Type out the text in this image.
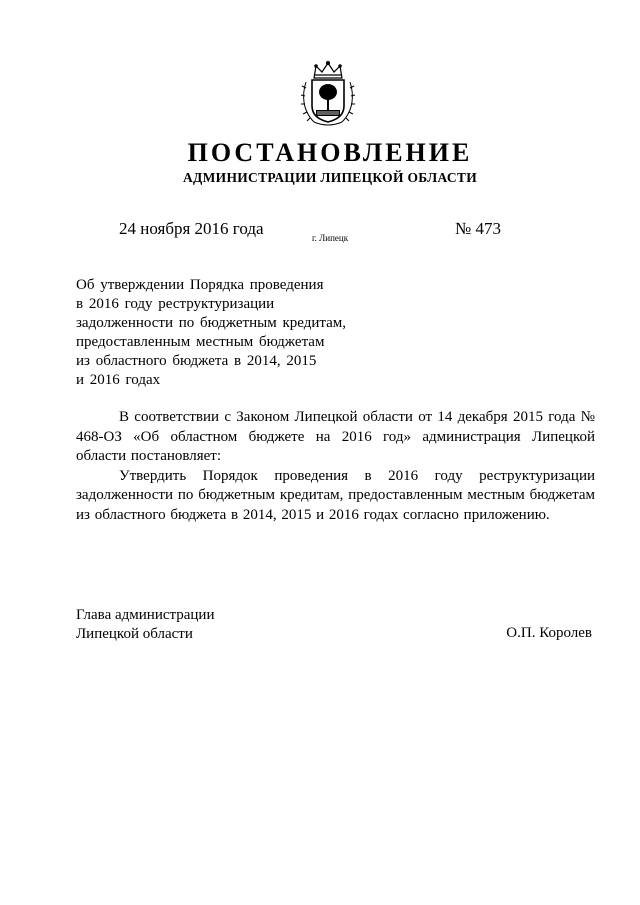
ПОСТАНОВЛЕНИЕ
АДМИНИСТРАЦИИ ЛИПЕЦКОЙ ОБЛАСТИ
24 ноября 2016 года	г. Липецк	№ 473
Об утверждении Порядка проведения
в 2016 году реструктуризации
задолженности по бюджетным кредитам,
предоставленным местным бюджетам
из областного бюджета в 2014, 2015
и 2016 годах

В соответствии с Законом Липецкой области от 14 декабря 2015 года № 468-ОЗ «Об областном бюджете на 2016 год» администрация Липецкой области постановляет:

Утвердить Порядок проведения в 2016 году реструктуризации задолженности по бюджетным кредитам, предоставленным местным бюджетам из областного бюджета в 2014, 2015 и 2016 годах согласно приложению.

Глава администрации
Липецкой области	О.П. Королев
